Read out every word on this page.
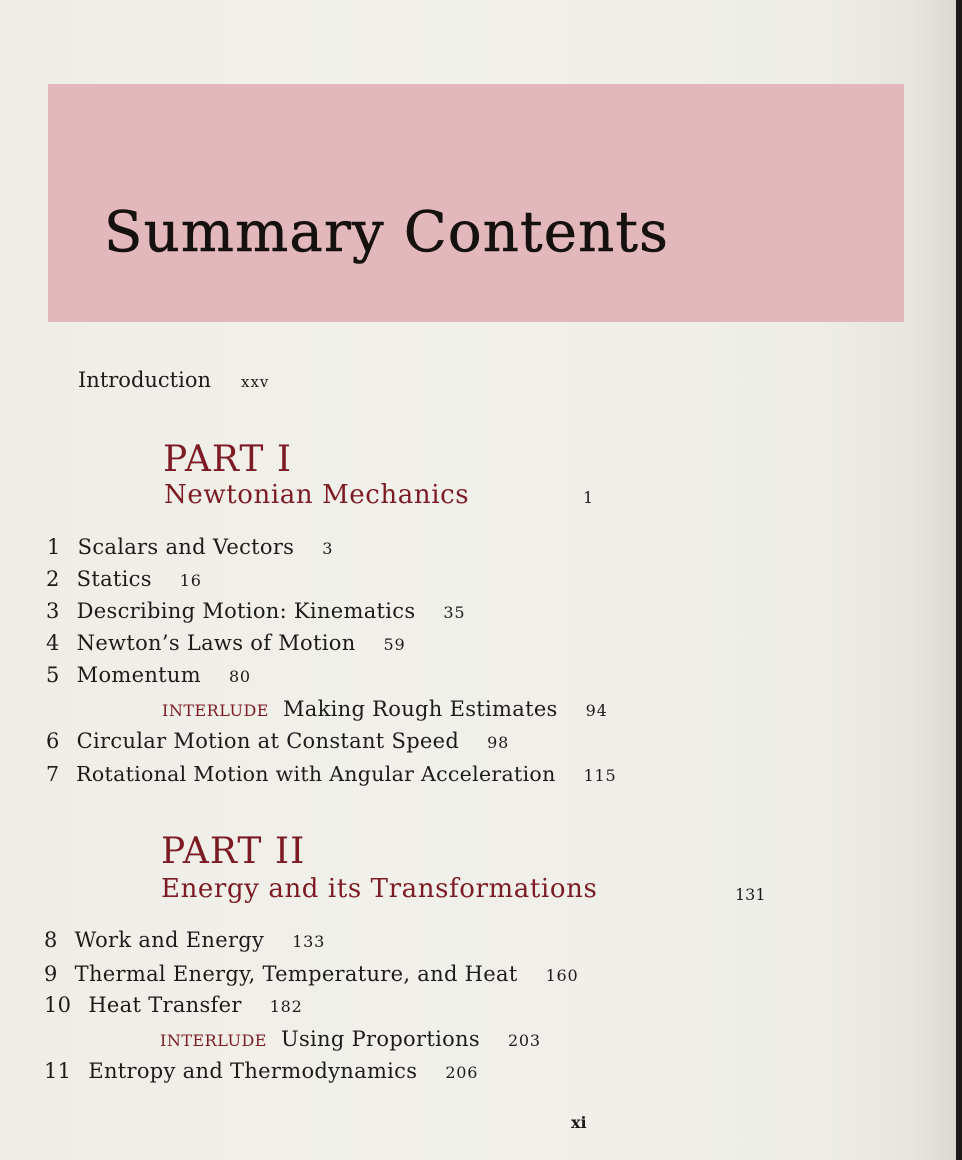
Summary Contents
Introduction xxv
PART I
Newtonian Mechanics	1
1 Scalars and Vectors 3
2 Statics 16
3 Describing Motion: Kinematics 35
4 Newton’s Laws of Motion 59
5 Momentum 80
INTERLUDE Making Rough Estimates 94
6 Circular Motion at Constant Speed 98
7 Rotational Motion with Angular Acceleration 115
PART II
Energy and its Transformations	131
8 Work and Energy 133
9 Thermal Energy, Temperature, and Heat 160
10 Heat Transfer 182
INTERLUDE Using Proportions 203
11 Entropy and Thermodynamics 206
xi
